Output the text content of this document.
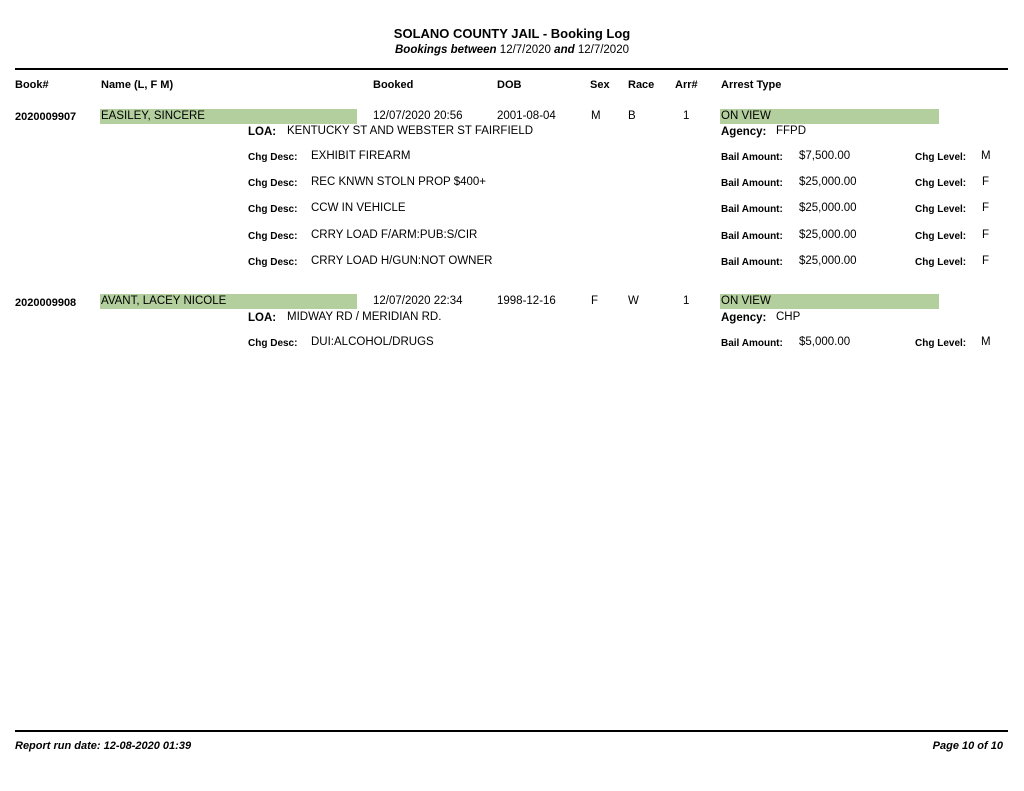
SOLANO COUNTY JAIL - Booking Log
Bookings between 12/7/2020 and 12/7/2020
Book#	Name (L, F M)	Booked	DOB	Sex Race Arr# Arrest Type
2020009907 EASILEY, SINCERE	12/07/2020 20:56	2001-08-04	M B	1	ON VIEW
LOA: KENTUCKY ST AND WEBSTER ST FAIRFIELD	Agency: FFPD
Chg Desc: EXHIBIT FIREARM	Bail Amount: $7,500.00	Chg Level: M
Chg Desc: REC KNWN STOLN PROP $400+	Bail Amount: $25,000.00	Chg Level: F
Chg Desc: CCW IN VEHICLE	Bail Amount: $25,000.00	Chg Level: F
Chg Desc: CRRY LOAD F/ARM:PUB:S/CIR	Bail Amount: $25,000.00	Chg Level: F
Chg Desc: CRRY LOAD H/GUN:NOT OWNER	Bail Amount: $25,000.00	Chg Level: F
2020009908 AVANT, LACEY NICOLE	12/07/2020 22:34	1998-12-16	F	W	1	ON VIEW
LOA: MIDWAY RD / MERIDIAN RD.	Agency: CHP
Chg Desc: DUI:ALCOHOL/DRUGS	Bail Amount: $5,000.00	Chg Level: M
Report run date: 12-08-2020 01:39	Page 10 of 10
